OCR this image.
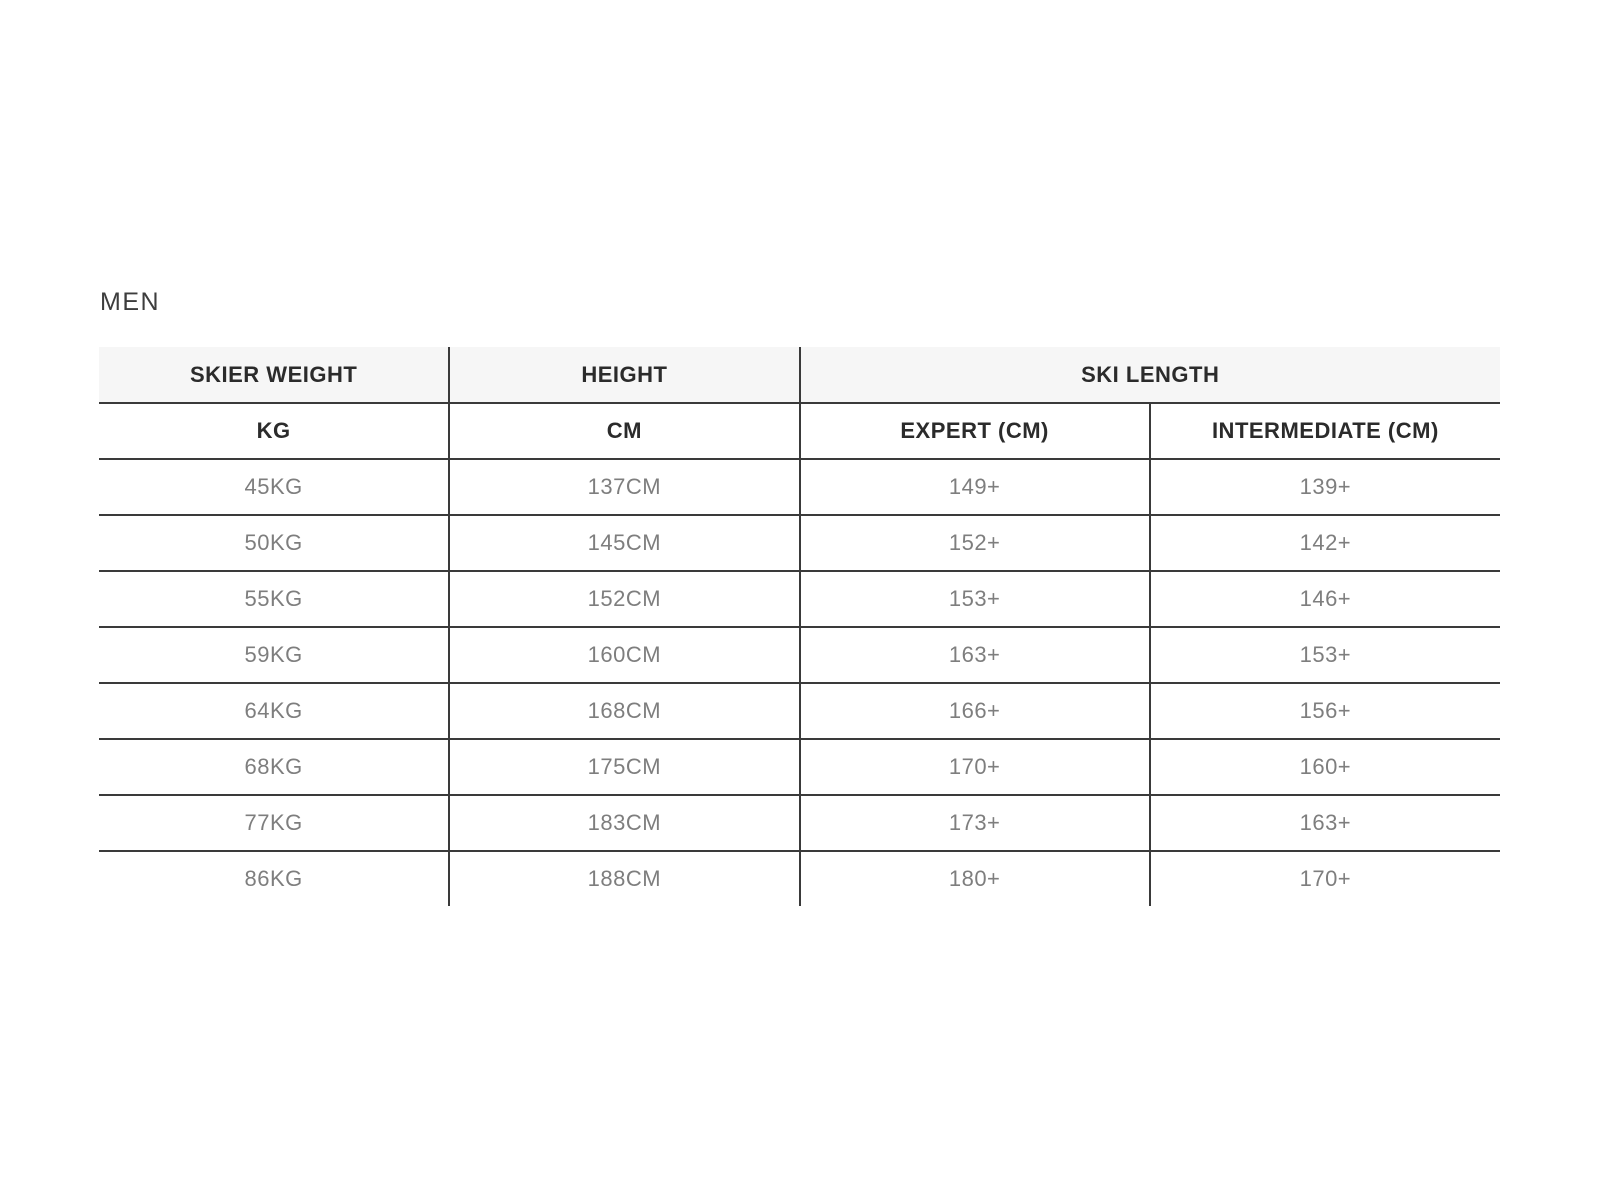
MEN
SKIER WEIGHT	HEIGHT	SKI LENGTH	
KG	CM	EXPERT (CM)	INTERMEDIATE (CM)
45KG	137CM	149+	139+
50KG	145CM	152+	142+
55KG	152CM	153+	146+
59KG	160CM	163+	153+
64KG	168CM	166+	156+
68KG	175CM	170+	160+
77KG	183CM	173+	163+
86KG	188CM	180+	170+
